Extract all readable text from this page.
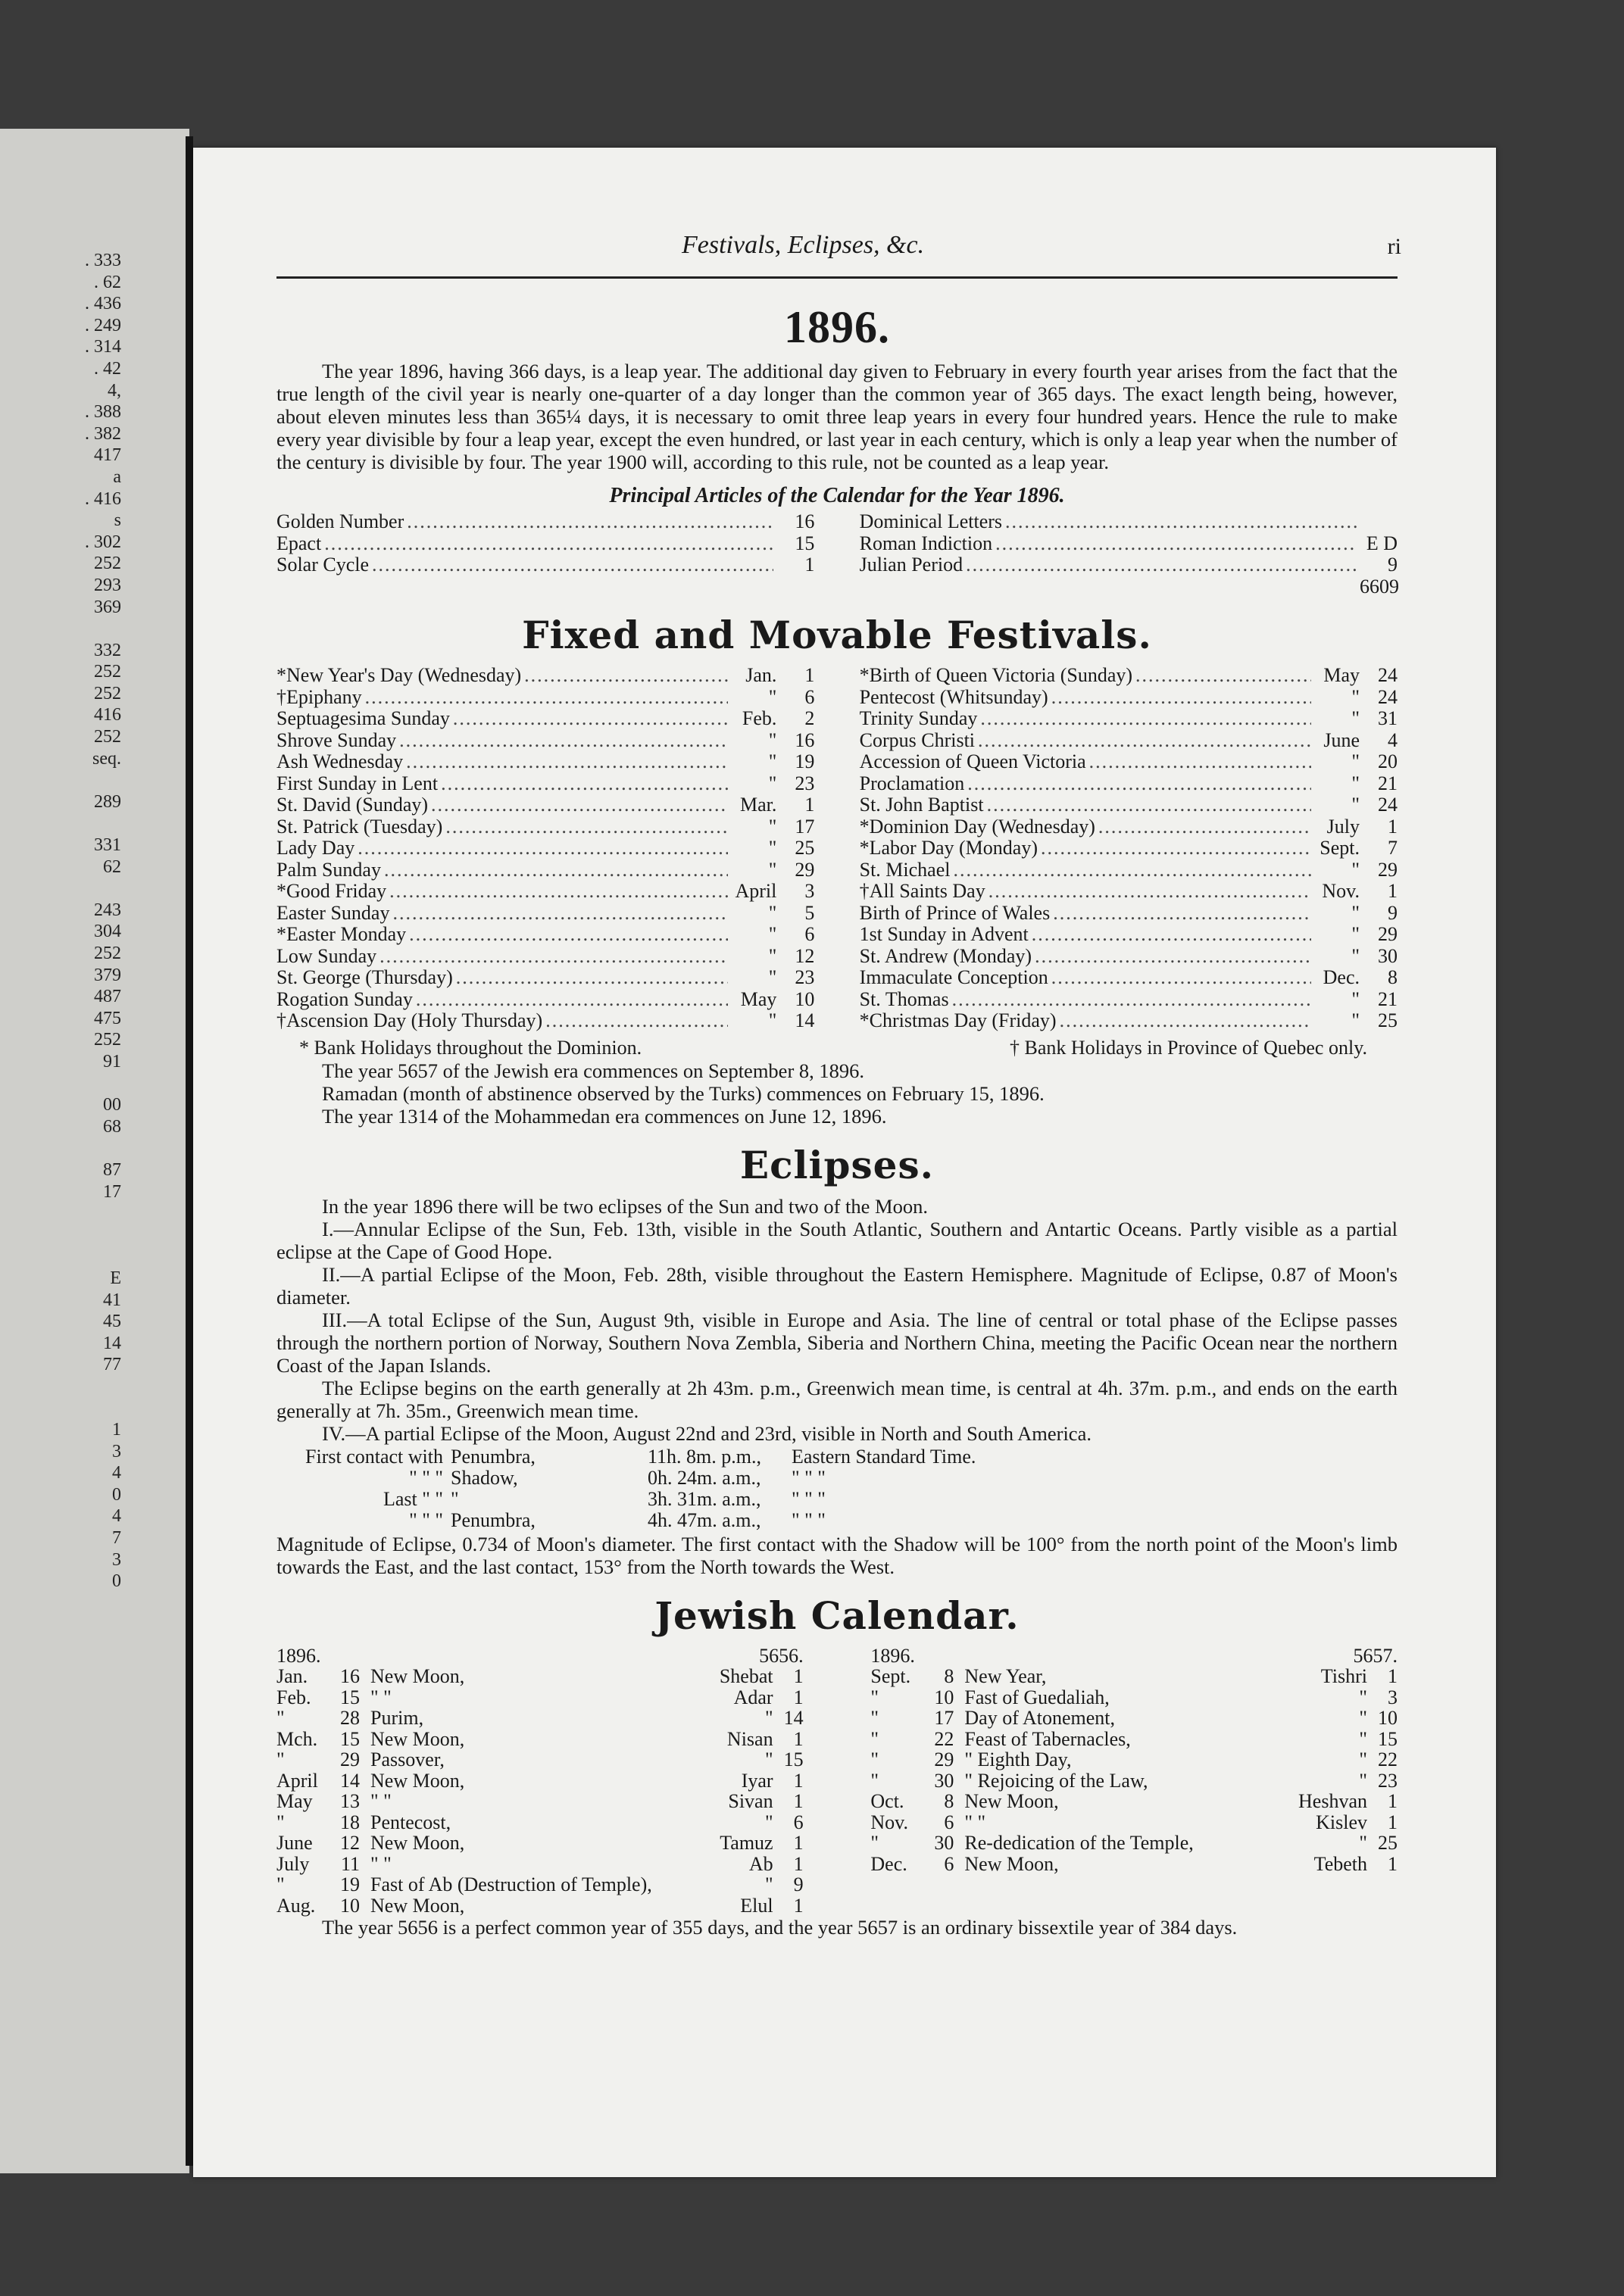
. 333
. 62
. 436
. 249
. 314
. 42
4,
. 388
. 382
417
a
. 416
s
. 302
252
293
369
332
252
252
416
252
seq.
289
331
62
243
304
252
379
487
475
252
91
00
68
87
17
E
41
45
14
77
1
3
4
0
4
7
3
0
Festivals, Eclipses, &c.	ri
1896.

The year 1896, having 366 days, is a leap year. The additional day given to February in every fourth year arises from the fact that the true length of the civil year is nearly one-quarter of a day longer than the common year of 365 days. The exact length being, however, about eleven minutes less than 365¼ days, it is necessary to omit three leap years in every four hundred years. Hence the rule to make every year divisible by four a leap year, except the even hundred, or last year in each century, which is only a leap year when the number of the century is divisible by four. The year 1900 will, according to this rule, not be counted as a leap year.

Principal Articles of the Calendar for the Year 1896.
Golden Number .....	16
Epact .....	15
Solar Cycle .....	1
Dominical Letters
.....
Roman Indiction .....	E D
Julian Period .....	9
6609
Fixed and Movable Festivals.
*New Year's Day (Wednesday) .....	Jan.	1
†Epiphany .....	"	6
Septuagesima Sunday .....	Feb.	2
Shrove Sunday .....	" 16
Ash Wednesday .....	" 19
First Sunday in Lent .....	" 23
St. David (Sunday) .....	Mar.	1
St. Patrick (Tuesday) .....	" 17
Lady Day .....	" 25
Palm Sunday .....	" 29
*Good Friday .....	April	3
Easter Sunday .....	"	5
*Easter Monday .....	"	6
Low Sunday .....	" 12
St. George (Thursday) .....	" 23
Rogation Sunday .....	May 10
†Ascension Day (Holy Thursday) .....	" 14
*Birth of Queen Victoria (Sunday) .....	May 24
Pentecost (Whitsunday) .....	" 24
Trinity Sunday .....	" 31
Corpus Christi .....	June	4
Accession of Queen Victoria .....	" 20
Proclamation .....	" 21
St. John Baptist .....	" 24
*Dominion Day (Wednesday) .....	July	1
*Labor Day (Monday) .....	Sept.	7
St. Michael .....	" 29
†All Saints Day .....	Nov.	1
Birth of Prince of Wales .....	"	9
1st Sunday in Advent .....	" 29
St. Andrew (Monday) .....	" 30
Immaculate Conception .....	Dec.	8
St. Thomas .....	" 21
*Christmas Day (Friday) .....	" 25
* Bank Holidays throughout the Dominion.	† Bank Holidays in Province of Quebec only.

The year 5657 of the Jewish era commences on September 8, 1896.

Ramadan (month of abstinence observed by the Turks) commences on February 15, 1896.

The year 1314 of the Mohammedan era commences on June 12, 1896.

Eclipses.

In the year 1896 there will be two eclipses of the Sun and two of the Moon.

I.—Annular Eclipse of the Sun, Feb. 13th, visible in the South Atlantic, Southern and Antartic Oceans. Partly visible as a partial eclipse at the Cape of Good Hope.

II.—A partial Eclipse of the Moon, Feb. 28th, visible throughout the Eastern Hemisphere. Magnitude of Eclipse, 0.87 of Moon's diameter.

III.—A total Eclipse of the Sun, August 9th, visible in Europe and Asia. The line of central or total phase of the Eclipse passes through the northern portion of Norway, Southern Nova Zembla, Siberia and Northern China, meeting the Pacific Ocean near the northern Coast of the Japan Islands.

The Eclipse begins on the earth generally at 2h 43m. p.m., Greenwich mean time, is central at 4h. 37m. p.m., and ends on the earth generally at 7h. 35m., Greenwich mean time.

IV.—A partial Eclipse of the Moon, August 22nd and 23rd, visible in North and South America.

First contact with Penumbra,	11h. 8m. p.m.,	Eastern Standard Time.
" " " Shadow,	0h. 24m. a.m.,	" " "
Last " " "	3h. 31m. a.m.,	" " "
" " " Penumbra,	4h. 47m. a.m.,	" " "

Magnitude of Eclipse, 0.734 of Moon's diameter. The first contact with the Shadow will be 100° from the north point of the Moon's limb towards the East, and the last contact, 153° from the North towards the West.

Jewish Calendar.
1896.	5656.
Jan.	16 New Moon,	Shebat	1
Feb.	15 " "	Adar	1
"	28 Purim,	" 14
Mch.	15 New Moon,	Nisan	1
"	29 Passover,	" 15
April	14 New Moon,	Iyar	1
May	13 " "	Sivan	1
"	18 Pentecost,	"	6
June	12 New Moon,	Tamuz	1
July	11 " "	Ab	1
"	19 Fast of Ab (Destruction of Temple),	"	9
Aug.	10 New Moon,	Elul	1
1896.	5657.
Sept.	8 New Year,	Tishri	1
"	10 Fast of Guedaliah,	"	3
"	17 Day of Atonement,	" 10
"	22 Feast of Tabernacles,	" 15
"	29 " Eighth Day,	" 22
"	30 " Rejoicing of the Law,	" 23
Oct.	8 New Moon,	Heshvan	1
Nov.	6 " "	Kislev	1
"	30 Re-dedication of the Temple,	" 25
Dec.	6 New Moon,	Tebeth	1

The year 5656 is a perfect common year of 355 days, and the year 5657 is an ordinary bissextile year of 384 days.
